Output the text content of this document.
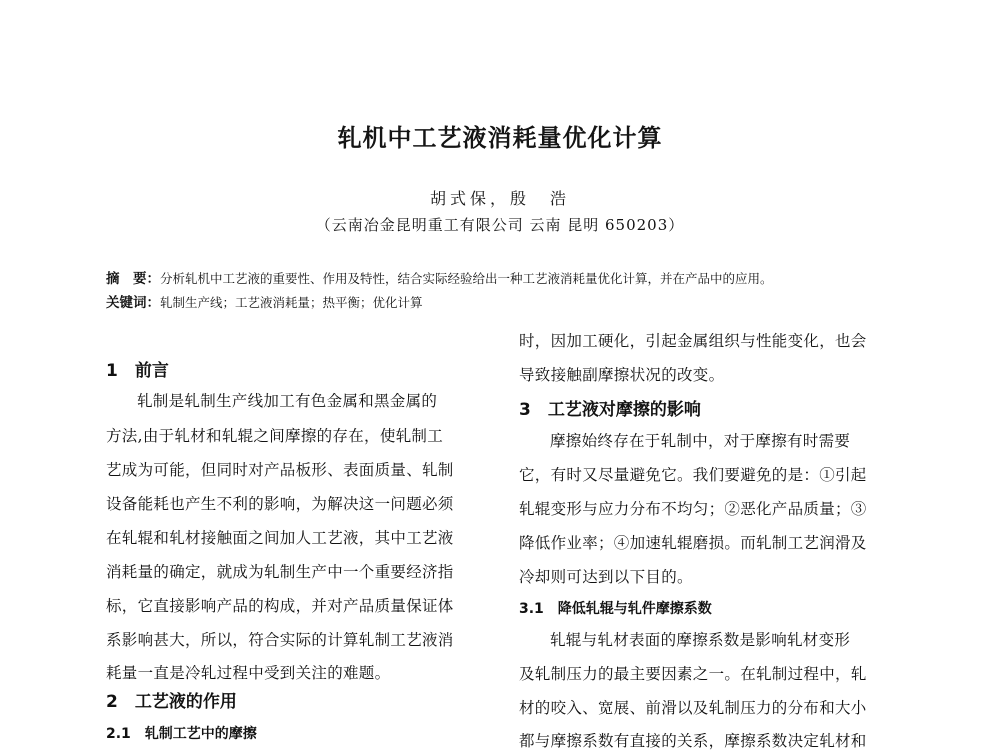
轧机中工艺液消耗量优化计算
胡式保，殷　浩
（云南冶金昆明重工有限公司 云南 昆明 650203）
摘　要：分析轧机中工艺液的重要性、作用及特性，结合实际经验给出一种工艺液消耗量优化计算，并在产品中的应用。
关键词：轧制生产线；工艺液消耗量；热平衡；优化计算
1　前言
轧制是轧制生产线加工有色金属和黑金属的
方法,由于轧材和轧辊之间摩擦的存在，使轧制工
艺成为可能，但同时对产品板形、表面质量、轧制
设备能耗也产生不利的影响，为解决这一问题必须
在轧辊和轧材接触面之间加人工艺液，其中工艺液
消耗量的确定，就成为轧制生产中一个重要经济指
标，它直接影响产品的构成，并对产品质量保证体
系影响甚大，所以，符合实际的计算轧制工艺液消
耗量一直是冷轧过程中受到关注的难题。
2　工艺液的作用
2.1　轧制工艺中的摩擦
时，因加工硬化，引起金属组织与性能变化，也会
导致接触副摩擦状况的改变。
3　工艺液对摩擦的影响
摩擦始终存在于轧制中，对于摩擦有时需要
它，有时又尽量避免它。我们要避免的是：①引起
轧辊变形与应力分布不均匀；②恶化产品质量；③
降低作业率；④加速轧辊磨损。而轧制工艺润滑及
冷却则可达到以下目的。
3.1　降低轧辊与轧件摩擦系数
轧辊与轧材表面的摩擦系数是影响轧材变形
及轧制压力的最主要因素之一。在轧制过程中，轧
材的咬入、宽展、前滑以及轧制压力的分布和大小
都与摩擦系数有直接的关系，摩擦系数决定轧材和
